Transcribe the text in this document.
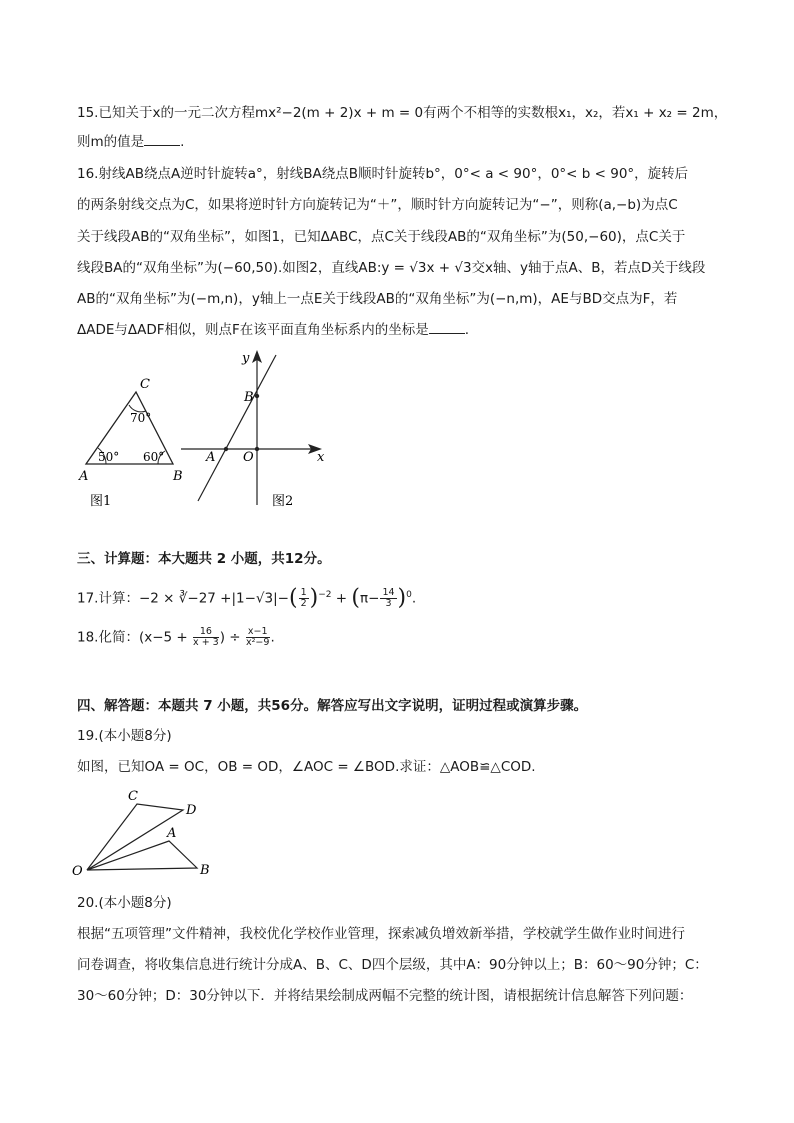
15.已知关于x的一元二次方程mx²−2(m + 2)x + m = 0有两个不相等的实数根x₁，x₂，若x₁ + x₂ = 2m，
则m的值是	.
16.射线AB绕点A逆时针旋转a°，射线BA绕点B顺时针旋转b°，0°< a < 90°，0°< b < 90°，旋转后
的两条射线交点为C，如果将逆时针方向旋转记为“＋”，顺时针方向旋转记为“−”，则称(a,−b)为点C
关于线段AB的“双角坐标”，如图1，已知ΔABC，点C关于线段AB的“双角坐标”为(50,−60)，点C关于
线段BA的“双角坐标”为(−60,50).如图2，直线AB:y = √3x + √3交x轴、y轴于点A、B，若点D关于线段
AB的“双角坐标”为(−m,n)，y轴上一点E关于线段AB的“双角坐标”为(−n,m)，AE与BD交点为F，若
ΔADE与ΔADF相似，则点F在该平面直角坐标系内的坐标是	.
C
A	B
50° 60°
70°
图1
y
x
B
A O
图2
三、计算题：本大题共 2 小题，共12分。
17.计算：−2 × ∛−27 $+|1-√3|-( \frac{1}{2} )^{-2} + (\pi- \frac{14}{3} )^0$.
18.化简：($x-5 + \frac{16}{x + 3}$ ) ÷ $\frac{x-1}{\text{x²−9}}$ .
四、解答题：本题共 7 小题，共56分。解答应写出文字说明，证明过程或演算步骤。
19.(本小题8分)
如图，已知OA = OC，OB = OD，∠AOC = ∠BOD.求证：△AOB≌△COD.
C
D
A
O	B
20.(本小题8分)
根据“五项管理”文件精神，我校优化学校作业管理，探索减负增效新举措，学校就学生做作业时间进行
问卷调查，将收集信息进行统计分成A、B、C、D四个层级，其中A：90分钟以上；B：60～90分钟；C：
30～60分钟；D：30分钟以下．并将结果绘制成两幅不完整的统计图，请根据统计信息解答下列问题：
